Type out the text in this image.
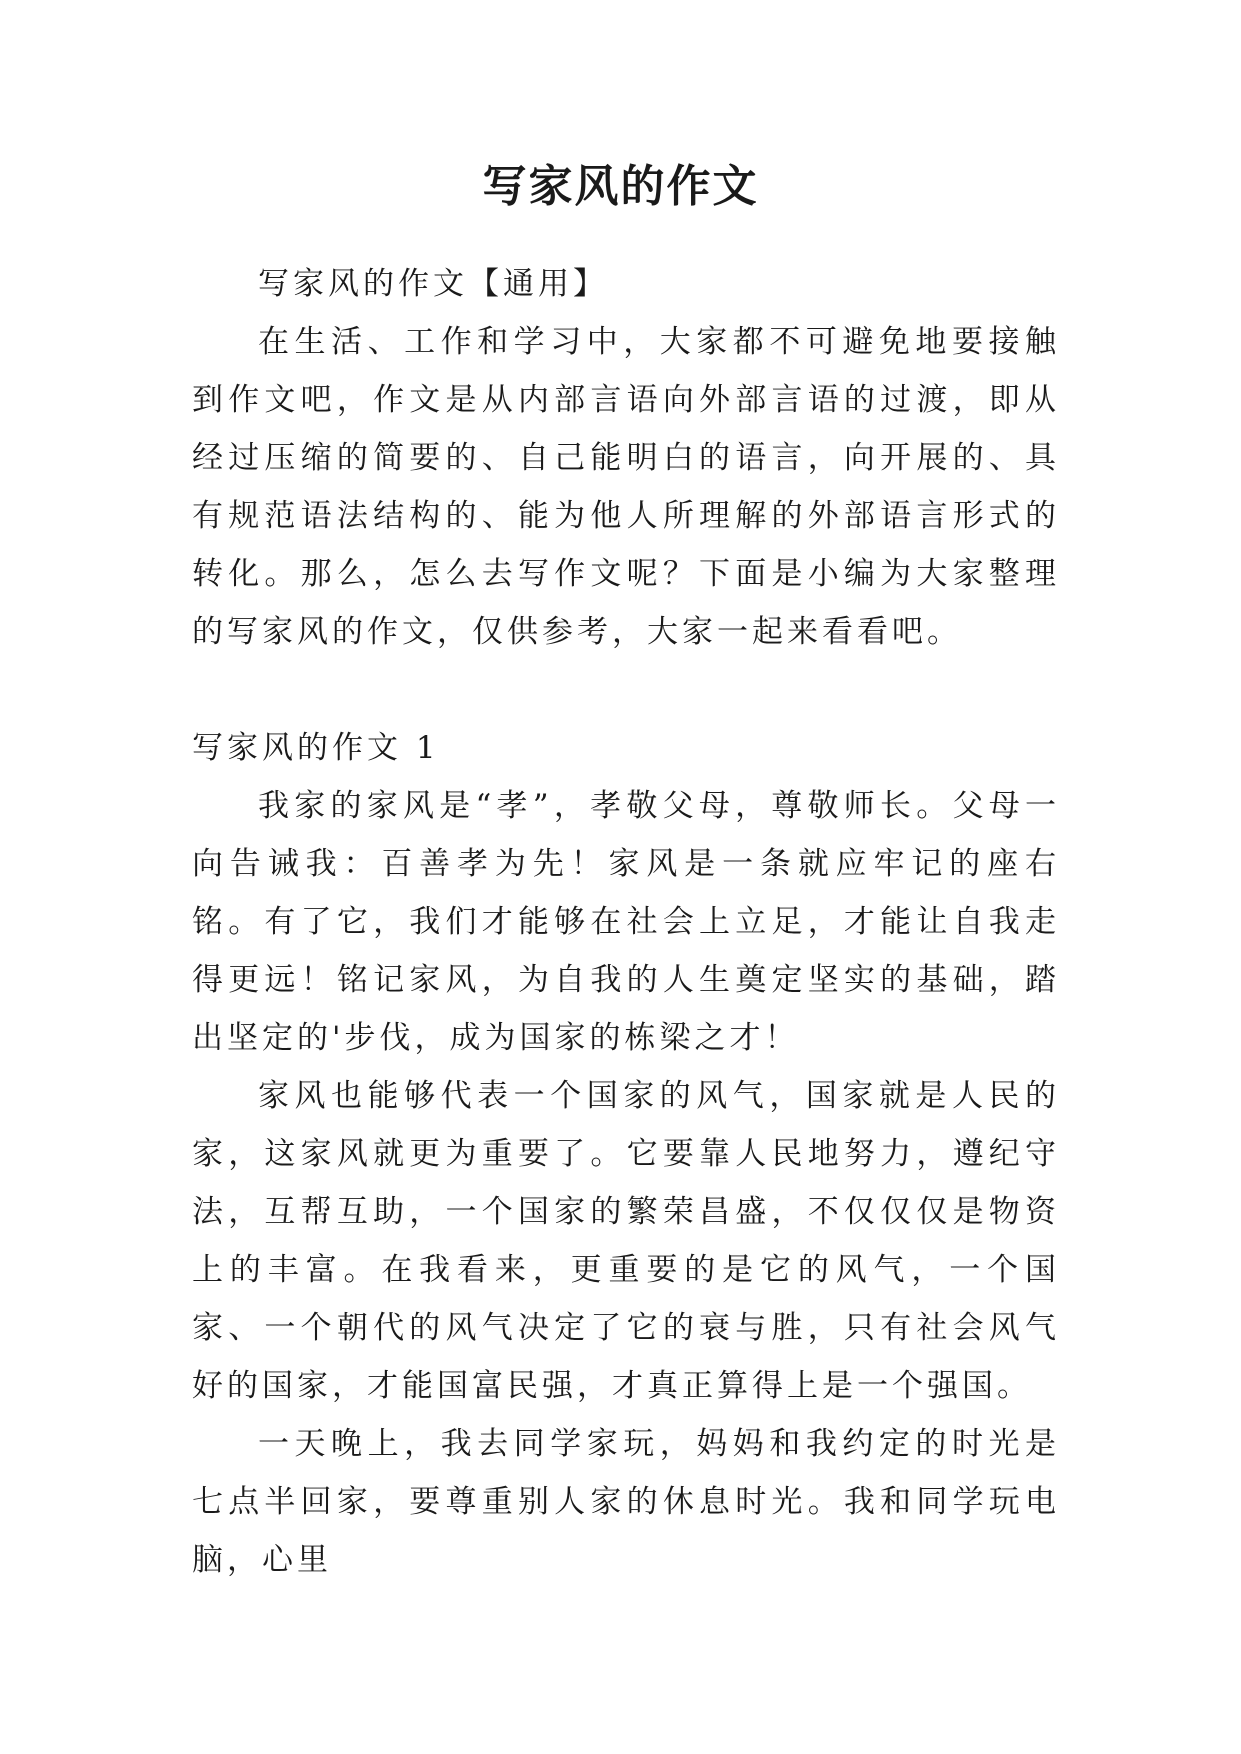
写家风的作文

写家风的作文【通用】

在生活、工作和学习中，大家都不可避免地要接触到作文吧，作文是从内部言语向外部言语的过渡，即从经过压缩的简要的、自己能明白的语言，向开展的、具有规范语法结构的、能为他人所理解的外部语言形式的转化。那么，怎么去写作文呢？下面是小编为大家整理的写家风的作文，仅供参考，大家一起来看看吧。

写家风的作文 1

我家的家风是“孝”，孝敬父母，尊敬师长。父母一向告诫我：百善孝为先！家风是一条就应牢记的座右铭。有了它，我们才能够在社会上立足，才能让自我走得更远！铭记家风，为自我的人生奠定坚实的基础，踏出坚定的'步伐，成为国家的栋梁之才！

家风也能够代表一个国家的风气，国家就是人民的家，这家风就更为重要了。它要靠人民地努力，遵纪守法，互帮互助，一个国家的繁荣昌盛，不仅仅仅是物资上的丰富。在我看来，更重要的是它的风气，一个国家、一个朝代的风气决定了它的衰与胜，只有社会风气好的国家，才能国富民强，才真正算得上是一个强国。

一天晚上，我去同学家玩，妈妈和我约定的时光是七点半回家，要尊重别人家的休息时光。我和同学玩电脑，心里
